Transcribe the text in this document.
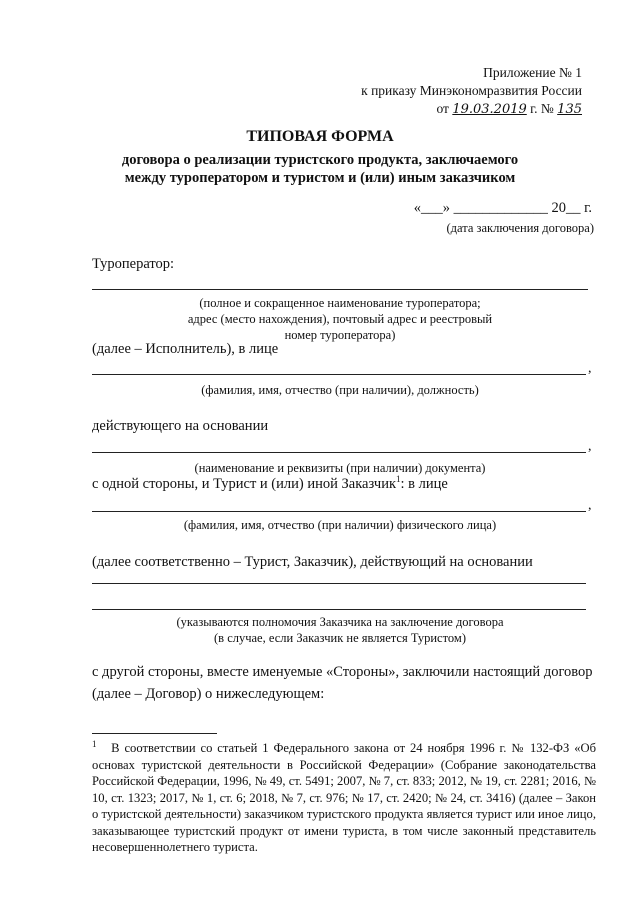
Приложение № 1
к приказу Минэкономразвития России
от 19.03.2019 г. № 135
ТИПОВАЯ ФОРМА
договора о реализации туристского продукта, заключаемого
между туроператором и туристом и (или) иным заказчиком
«___» _____________ 20__ г.
(дата заключения договора)
Туроператор:
(полное и сокращенное наименование туроператора;
адрес (место нахождения), почтовый адрес и реестровый
номер туроператора)
(далее – Исполнитель), в лице
,
(фамилия, имя, отчество (при наличии), должность)
действующего на основании
,
(наименование и реквизиты (при наличии) документа)
с одной стороны, и Турист и (или) иной Заказчик$^1$: в лице
,
(фамилия, имя, отчество (при наличии) физического лица)
(далее соответственно – Турист, Заказчик), действующий на основании
(указываются полномочия Заказчика на заключение договора
(в случае, если Заказчик не является Туристом)
с другой стороны, вместе именуемые «Стороны», заключили настоящий договор
(далее – Договор) о нижеследующем:

$^1$ В соответствии со статьей 1 Федерального закона от 24 ноября 1996 г. № 132-ФЗ «Об основах туристской деятельности в Российской Федерации» (Собрание законодательства Российской Федерации, 1996, № 49, ст. 5491; 2007, № 7, ст. 833; 2012, № 19, ст. 2281; 2016, № 10, ст. 1323; 2017, № 1, ст. 6; 2018, № 7, ст. 976; № 17, ст. 2420; № 24, ст. 3416) (далее – Закон о туристской деятельности) заказчиком туристского продукта является турист или иное лицо, заказывающее туристский продукт от имени туриста, в том числе законный представитель несовершеннолетнего туриста.
